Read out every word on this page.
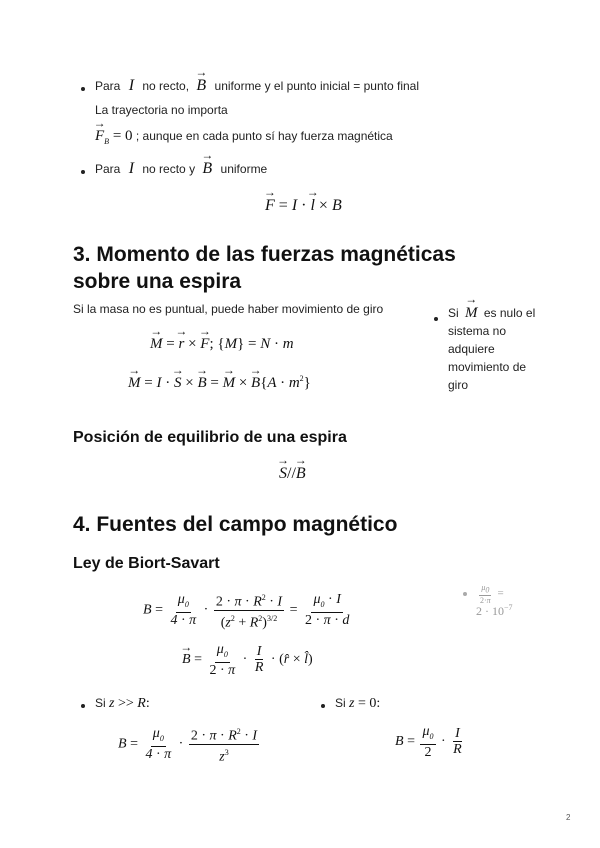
Para I no recto, → B uniforme y el punto inicial = punto final
La trayectoria no importa
→ $F_B = 0$ ; aunque en cada punto sí hay fuerza magnética
Para I no recto y → B uniforme
→ F = I · → l × B
3. Momento de las fuerzas magnéticas sobre una espira
Si la masa no es puntual, puede haber movimiento de giro
→ M = → r × → F; {M} = N · m
→ M = I · → S × → B = → M × → $B\{A \cdot m^2\}$
Si → M es nulo el sistema no adquiere movimiento de giro
Posición de equilibrio de una espira
→ S//→ B
4. Fuentes del campo magnético
Ley de Biort-Savart
$B = \frac{\mu_0}{4 \cdot \pi} \cdot \frac{2 \cdot \pi \cdot R^2 \cdot I}{(z^2 + R^2)^{3/2}} = \frac{\mu_0 \cdot I}{2 \cdot \pi \cdot d}$	$\frac{\mu_0}{2\cdot\pi}$ =
$2 \cdot 10^{-7}$
→ $B = \frac{\mu_0}{2 \cdot \pi} \cdot \frac{I}{R}$ · (r̂ × l̂)
Si z >> R:	Si z = 0:
$B = \frac{\mu_0}{4 \cdot \pi} \cdot \frac{2 \cdot \pi \cdot R^2 \cdot I}{z^3}$	$B = \frac{\mu_0}{2} \cdot \frac{I}{R}$
2
